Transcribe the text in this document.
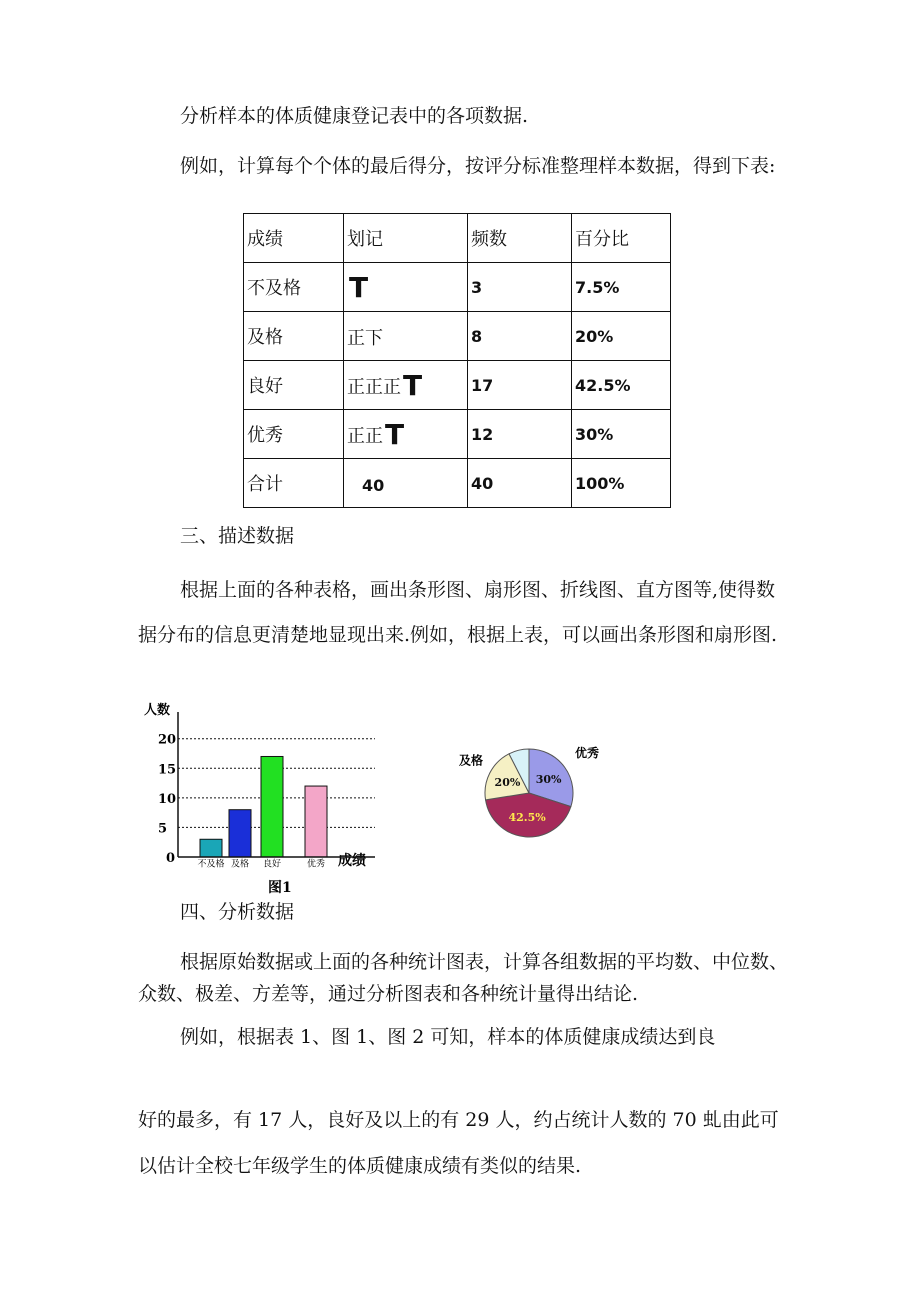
分析样本的体质健康登记表中的各项数据.

例如，计算每个个体的最后得分，按评分标准整理样本数据，得到下表:

成绩	划记	频数	百分比
不及格	T	3	7.5%
及格	正下	8	20%
良好	正正正T	17	42.5%
优秀	正正T	12	30%
合计	40	40	100%

三、描述数据

根据上面的各种表格，画出条形图、扇形图、折线图、直方图等,使得数据分布的信息更清楚地显现出来.例如，根据上表，可以画出条形图和扇形图.

人数
成绩
图1
0
5
10
15
20
不及格 及格 良好	优秀
30%
优秀
42.5%
20%
及格

四、分析数据

根据原始数据或上面的各种统计图表，计算各组数据的平均数、中位数、众数、极差、方差等，通过分析图表和各种统计量得出结论.

例如，根据表 1、图 1、图 2 可知，样本的体质健康成绩达到良

好的最多，有 17 人，良好及以上的有 29 人，约占统计人数的 70 虬由此可以估计全校七年级学生的体质健康成绩有类似的结果.
